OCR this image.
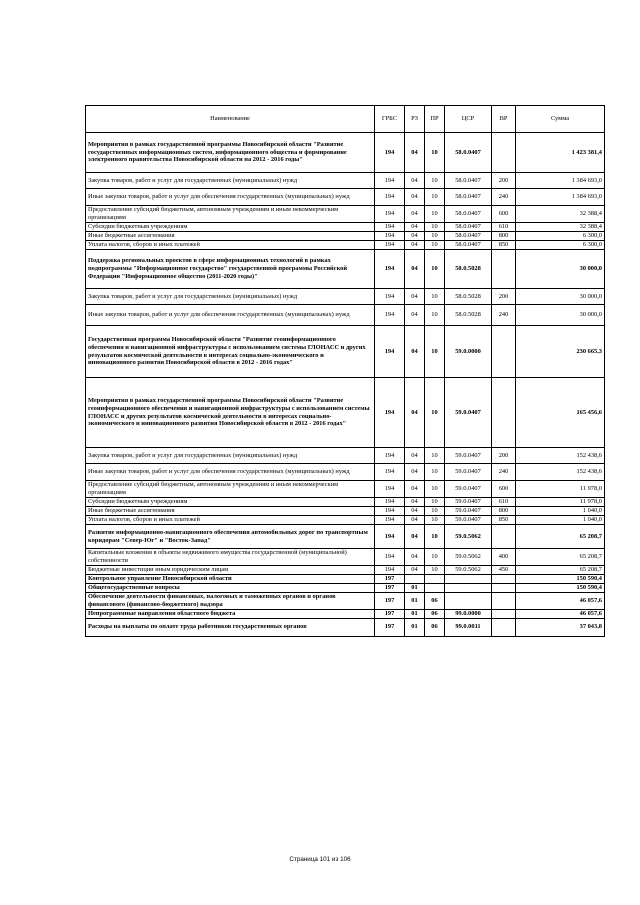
Наименование	ГРБС	РЗ	ПР	ЦСР	ВР	Сумма
Мероприятия в рамках государственной программы Новосибирской области "Развитие государственных информационных систем, информационного общества и формирование электронного правительства Новосибирской области на 2012 - 2016 годы"	194	04	10	58.0.0407		1 423 381,4
Закупка товаров, работ и услуг для государственных (муниципальных) нужд	194	04	10	58.0.0407	200	1 384 693,0
Иные закупки товаров, работ и услуг для обеспечения государственных (муниципальных) нужд	194	04	10	58.0.0407	240	1 384 693,0
Предоставление субсидий бюджетным, автономным учреждениям и иным некоммерческим организациям	194	04	10	58.0.0407	600	32 388,4
Субсидии бюджетным учреждениям	194	04	10	58.0.0407	610	32 388,4
Иные бюджетные ассигнования	194	04	10	58.0.0407	800	6 300,0
Уплата налогов, сборов и иных платежей	194	04	10	58.0.0407	850	6 300,0
Поддержка региональных проектов в сфере информационных технологий в рамках подпрограммы "Информационное государство" государственной программы Российской Федерации "Информационное общество (2011-2020 годы)"	194	04	10	58.0.5028		30 000,0
Закупка товаров, работ и услуг для государственных (муниципальных) нужд	194	04	10	58.0.5028	200	30 000,0
Иные закупки товаров, работ и услуг для обеспечения государственных (муниципальных) нужд	194	04	10	58.0.5028	240	30 000,0
Государственная программа Новосибирской области "Развитие геоинформационного обеспечения и навигационной инфраструктуры с использованием системы ГЛОНАСС и других результатов космической деятельности в интересах социально-экономического и инновационного развития Новосибирской области в 2012 - 2016 годах"	194	04	10	59.0.0000		230 665,3
Мероприятия в рамках государственной программы Новосибирской области "Развитие геоинформационного обеспечения и навигационной инфраструктуры с использованием системы ГЛОНАСС и других результатов космической деятельности в интересах социально-экономического и инновационного развития Новосибирской области в 2012 - 2016 годах"	194	04	10	59.0.0407		165 456,6
Закупка товаров, работ и услуг для государственных (муниципальных) нужд	194	04	10	59.0.0407	200	152 438,6
Иные закупки товаров, работ и услуг для обеспечения государственных (муниципальных) нужд	194	04	10	59.0.0407	240	152 438,6
Предоставление субсидий бюджетным, автономным учреждениям и иным некоммерческим организациям	194	04	10	59.0.0407	600	11 978,0
Субсидии бюджетным учреждениям	194	04	10	59.0.0407	610	11 978,0
Иные бюджетные ассигнования	194	04	10	59.0.0407	800	1 040,0
Уплата налогов, сборов и иных платежей	194	04	10	59.0.0407	850	1 040,0
Развитие информационно-навигационного обеспечения автомобильных дорог по транспортным коридорам "Север-Юг" и "Восток-Запад"	194	04	10	59.0.5062		65 208,7
Капитальные вложения в объекты недвижимого имущества государственной (муниципальной) собственности	194	04	10	59.0.5062	400	65 208,7
Бюджетные инвестиции иным юридическим лицам	194	04	10	59.0.5062	450	65 208,7
Контрольное управление Новосибирской области	197					150 590,4
Общегосударственные вопросы	197	01				150 590,4
Обеспечение деятельности финансовых, налоговых и таможенных органов и органов финансового (финансово-бюджетного) надзора	197	01	06			46 057,6
Непрограммные направления областного бюджета	197	01	06	99.0.0000		46 057,6
Расходы на выплаты по оплате труда работников государственных органов	197	01	06	99.0.0011		37 043,8
Страница 101 из 106
